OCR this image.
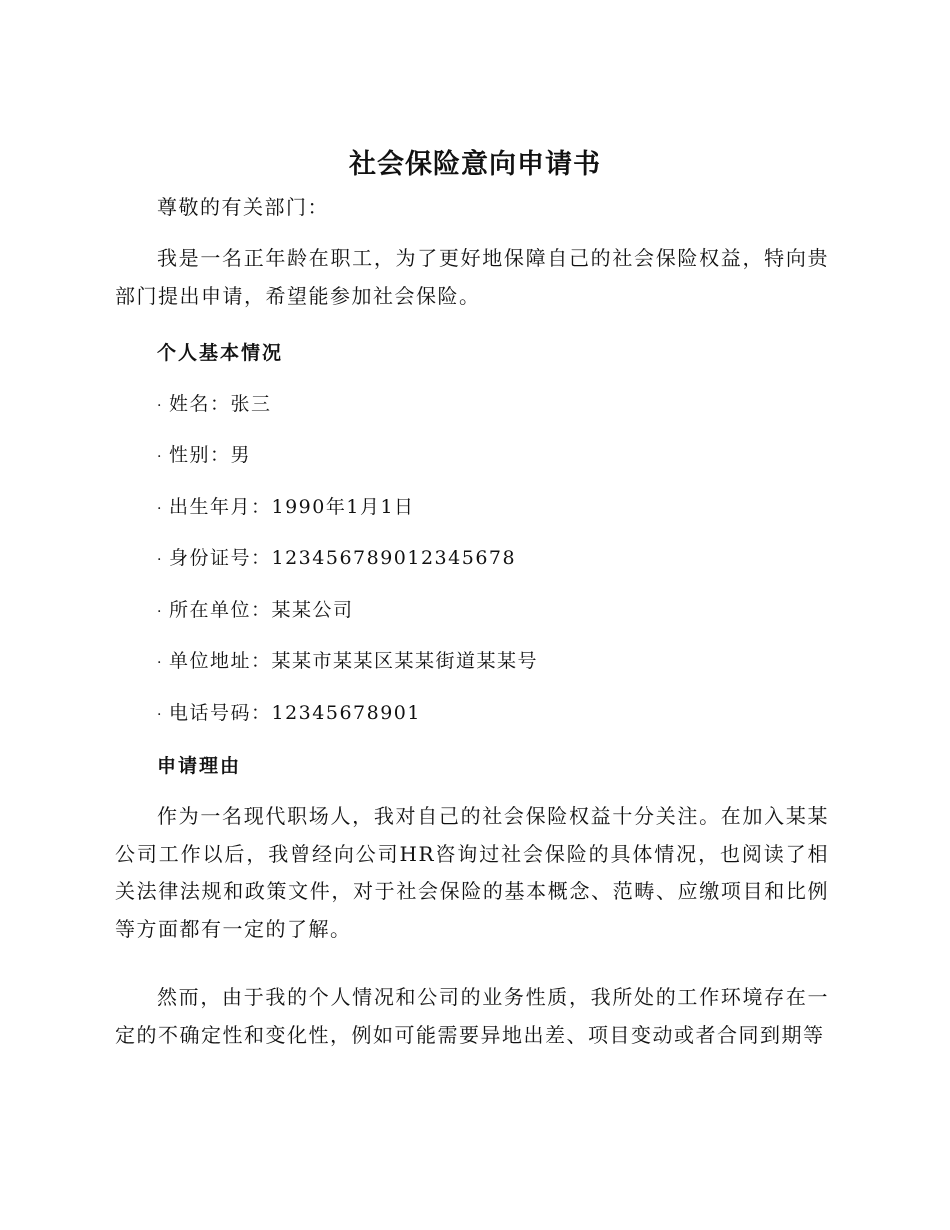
社会保险意向申请书
尊敬的有关部门：
我是一名正年龄在职工，为了更好地保障自己的社会保险权益，特向贵部门提出申请，希望能参加社会保险。
个人基本情况
· 姓名：张三
· 性别：男
· 出生年月：1990年1月1日
· 身份证号：123456789012345678
· 所在单位：某某公司
· 单位地址：某某市某某区某某街道某某号
· 电话号码：12345678901
申请理由
作为一名现代职场人，我对自己的社会保险权益十分关注。在加入某某公司工作以后，我曾经向公司HR咨询过社会保险的具体情况，也阅读了相关法律法规和政策文件，对于社会保险的基本概念、范畴、应缴项目和比例等方面都有一定的了解。
然而，由于我的个人情况和公司的业务性质，我所处的工作环境存在一定的不确定性和变化性，例如可能需要异地出差、项目变动或者合同到期等
